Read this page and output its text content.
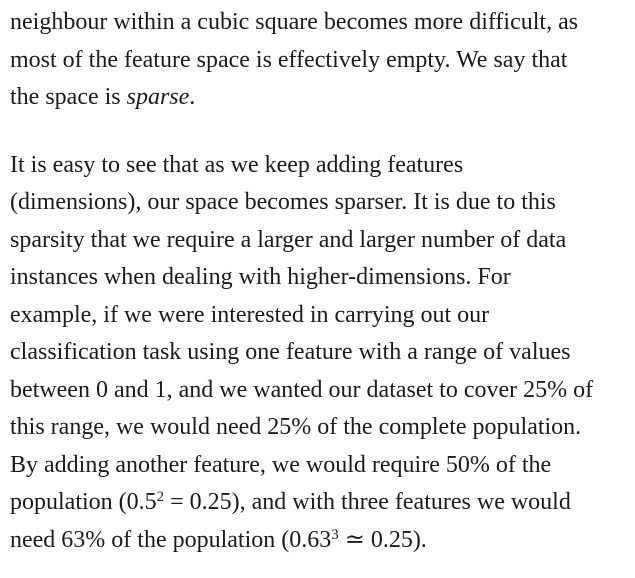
neighbour within a cubic square becomes more difficult, as
most of the feature space is effectively empty. We say that
the space is sparse.
It is easy to see that as we keep adding features
(dimensions), our space becomes sparser. It is due to this
sparsity that we require a larger and larger number of data
instances when dealing with higher-dimensions. For
example, if we were interested in carrying out our
classification task using one feature with a range of values
between 0 and 1, and we wanted our dataset to cover 25% of
this range, we would need 25% of the complete population.
By adding another feature, we would require 50% of the
population $(0.5^2 = 0.25)$, and with three features we would
need 63% of the population (0.63$^3$ ≃ 0.25).
